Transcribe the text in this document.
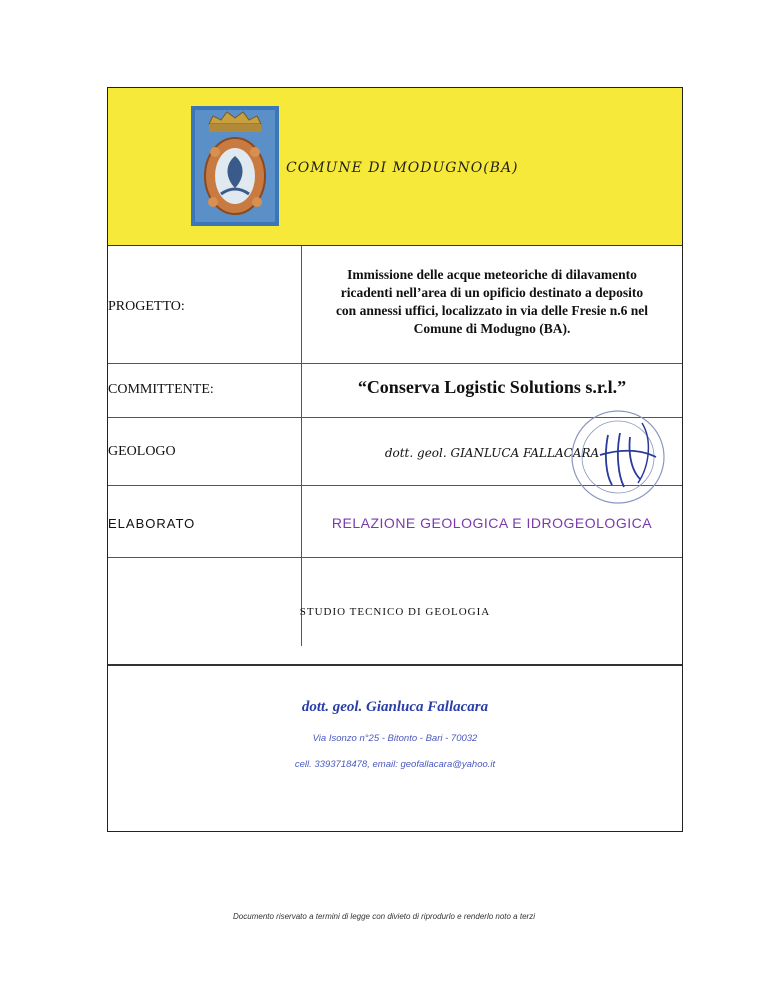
COMUNE DI MODUGNO(BA)
PROGETTO:
Immissione delle acque meteoriche di dilavamento
ricadenti nell’area di un opificio destinato a deposito
con annessi uffici, localizzato in via delle Fresie n.6 nel
Comune di Modugno (BA).
COMMITTENTE:	“Conserva Logistic Solutions s.r.l.”
GEOLOGO	dott. geol. GIANLUCA FALLACARA
ELABORATO	RELAZIONE GEOLOGICA E IDROGEOLOGICA
STUDIO TECNICO DI GEOLOGIA
dott. geol. Gianluca Fallacara
Via Isonzo n°25 - Bitonto - Bari - 70032
cell. 3393718478, email: geofallacara@yahoo.it
Documento riservato a termini di legge con divieto di riprodurlo e renderlo noto a terzi
